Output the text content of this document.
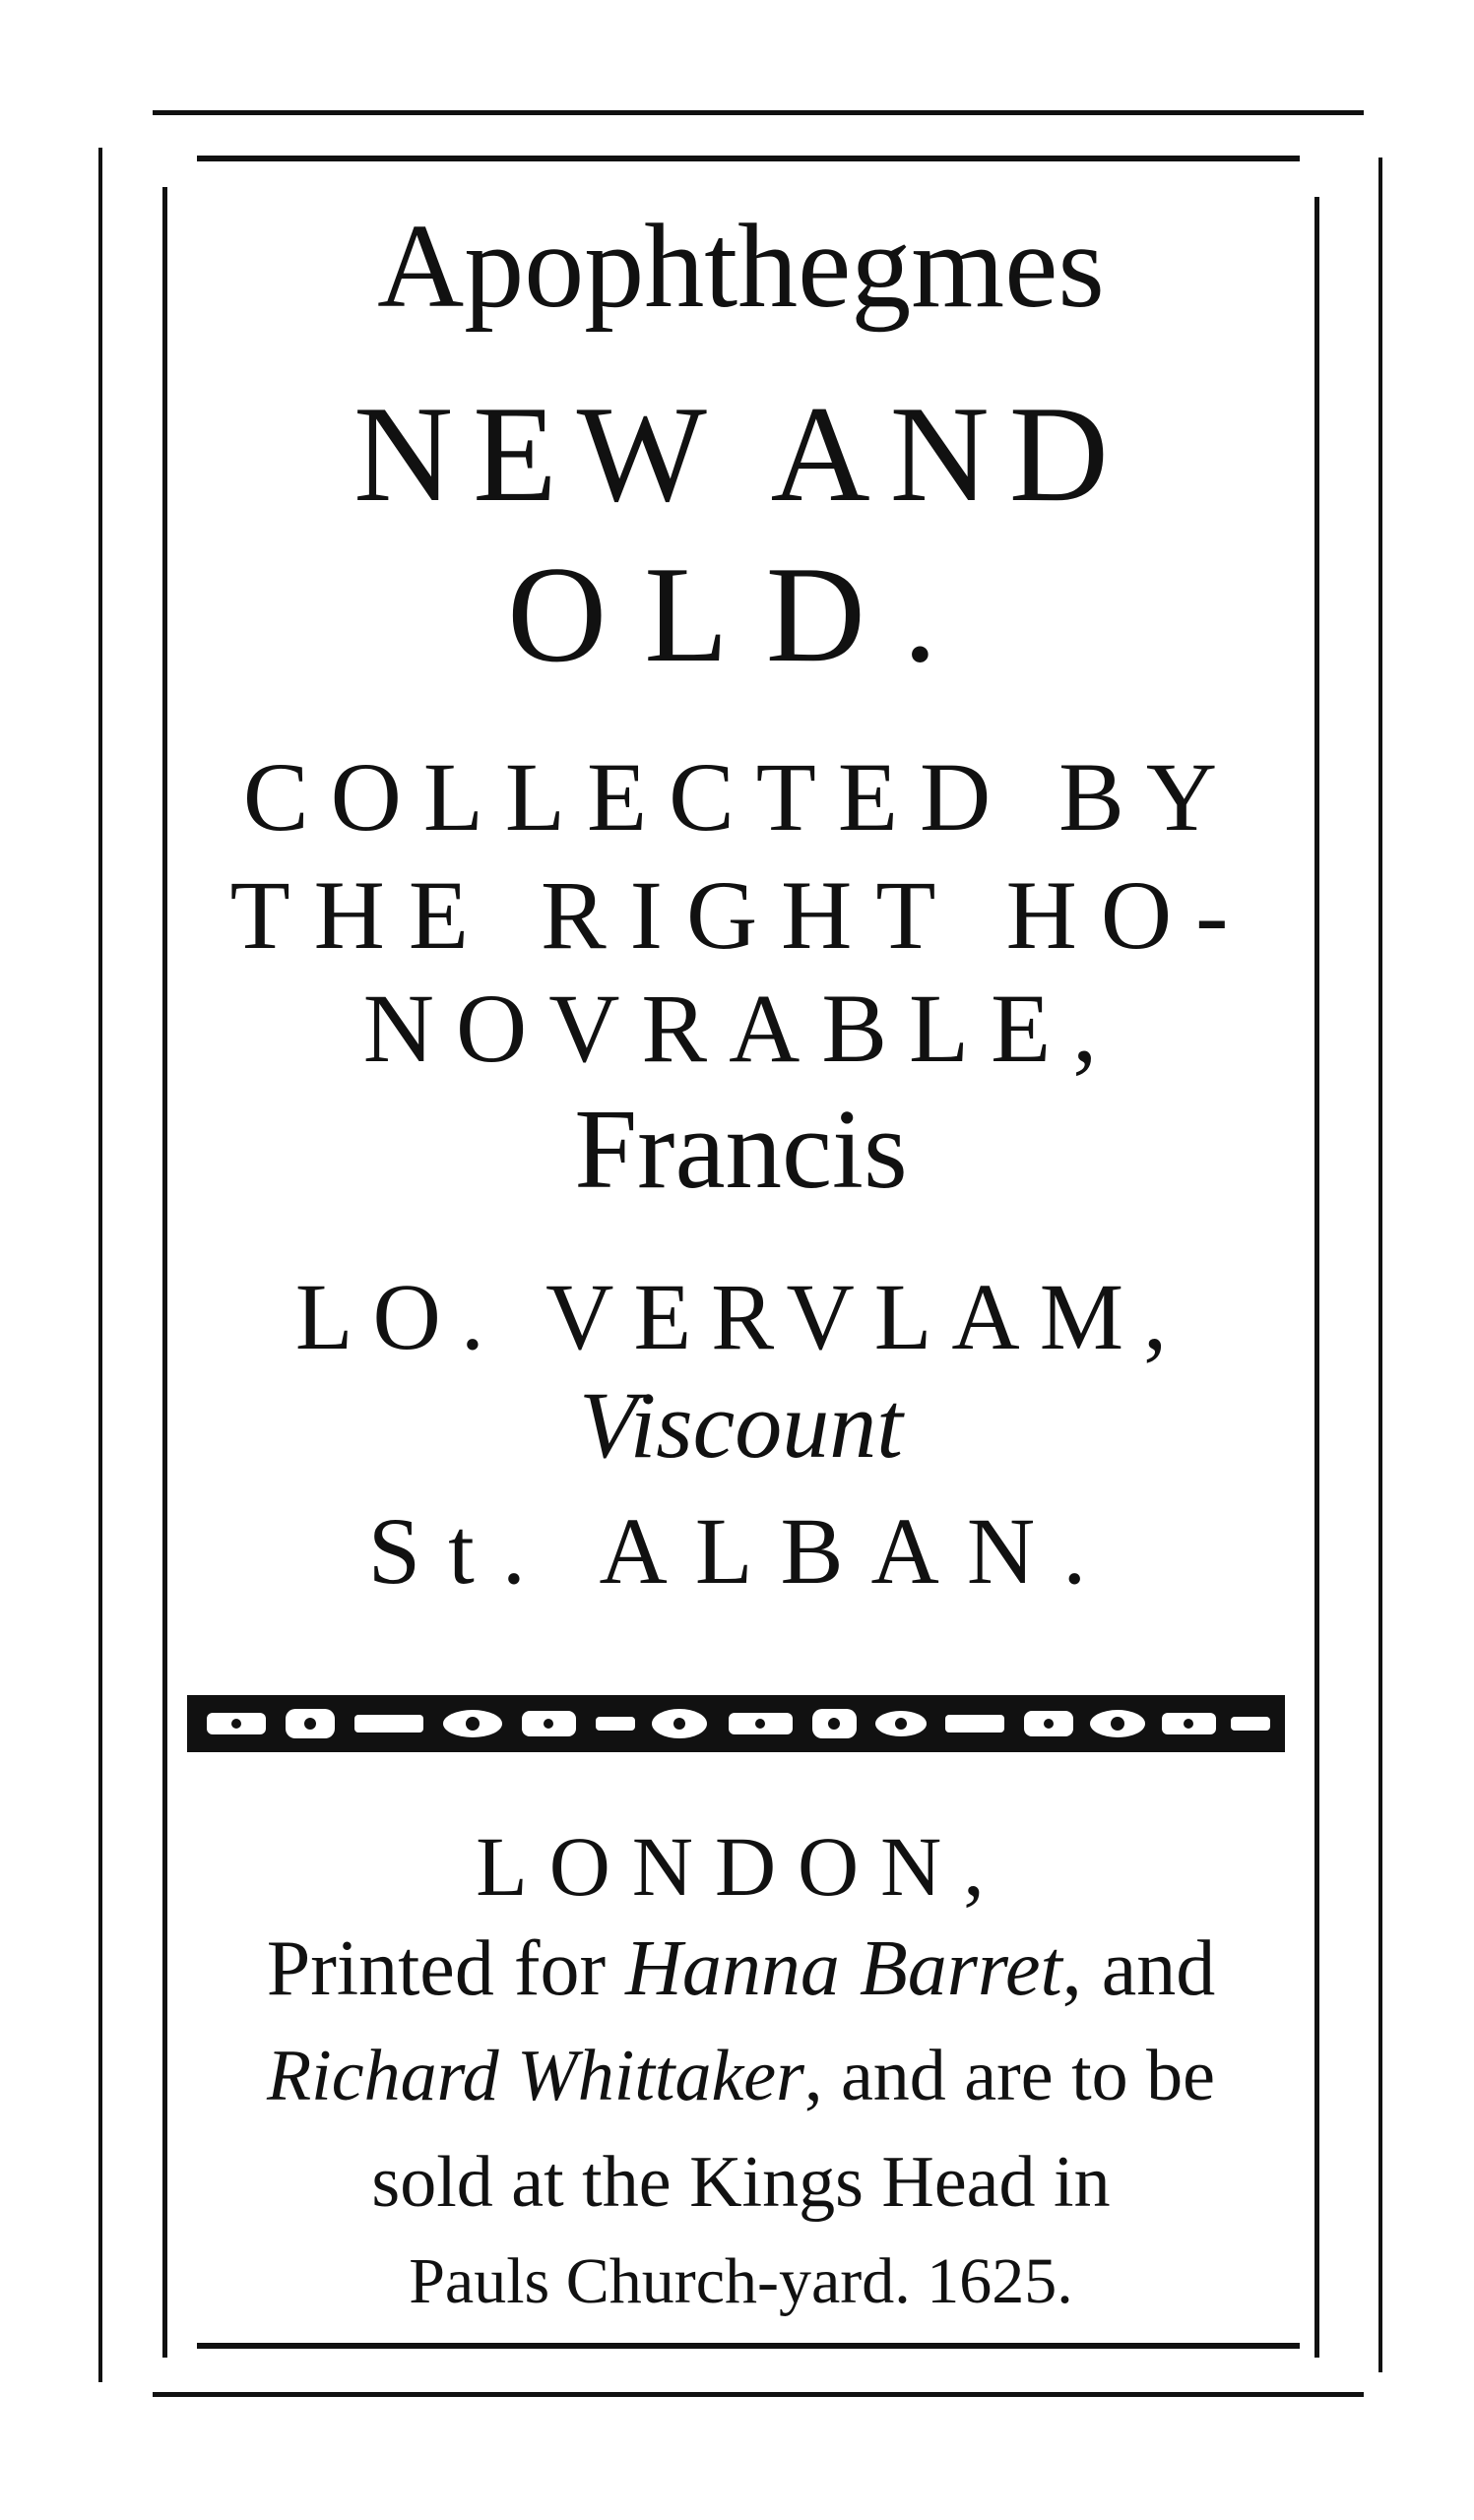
Apophthegmes
NEW AND
OLD.
COLLECTED BY
THE RIGHT HO-
NOVRABLE,
Francis
LO. VERVLAM,
Viscount
St. ALBAN.
LONDON,
Printed for Hanna Barret, and
Richard Whittaker, and are to be
sold at the Kings Head in
Pauls Church-yard. 1625.
